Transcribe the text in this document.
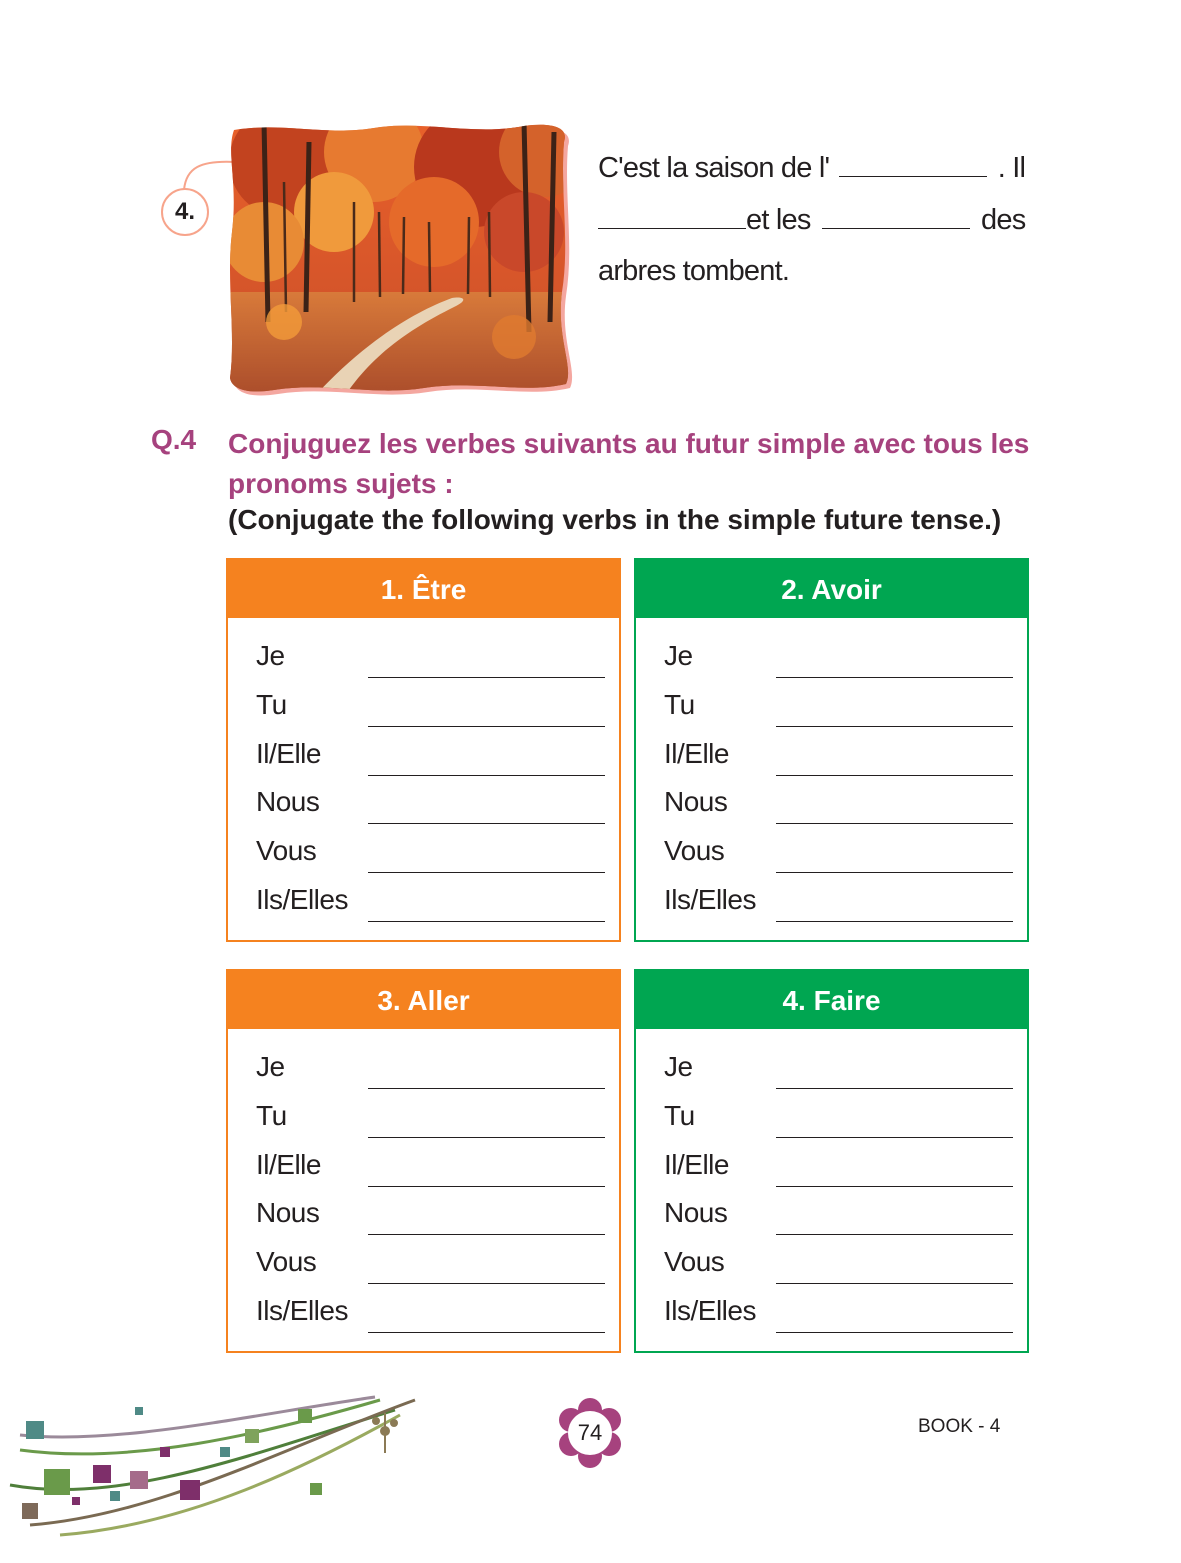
4.
C'est la saison de l'	. Il
et les	des
arbres tombent.
Q.4 Conjuguez les verbes suivants au futur simple avec tous les pronoms sujets :
(Conjugate the following verbs in the simple future tense.)
1. Être
Je
Tu
Il/Elle
Nous
Vous
Ils/Elles
2. Avoir
Je
Tu
Il/Elle
Nous
Vous
Ils/Elles
3. Aller
Je
Tu
Il/Elle
Nous
Vous
Ils/Elles
4. Faire
Je
Tu
Il/Elle
Nous
Vous
Ils/Elles
74	BOOK - 4
